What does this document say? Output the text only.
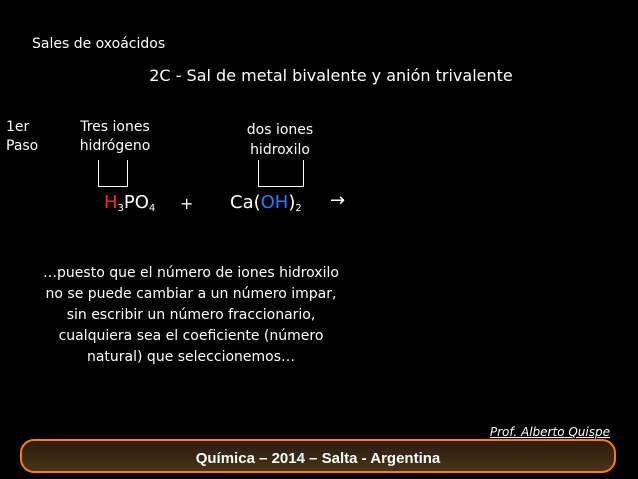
Sales de oxoácidos
2C - Sal de metal bivalente y anión trivalente
1er
Paso
Tres iones
hidrógeno
dos iones
hidroxilo
$H_3PO_4 + Ca(OH)_2$ →
…puesto que el número de iones hidroxilo no se puede cambiar a un número impar, sin escribir un número fraccionario, cualquiera sea el coeficiente (número natural) que seleccionemos…
Prof. Alberto Quispe
Química – 2014 – Salta - Argentina
